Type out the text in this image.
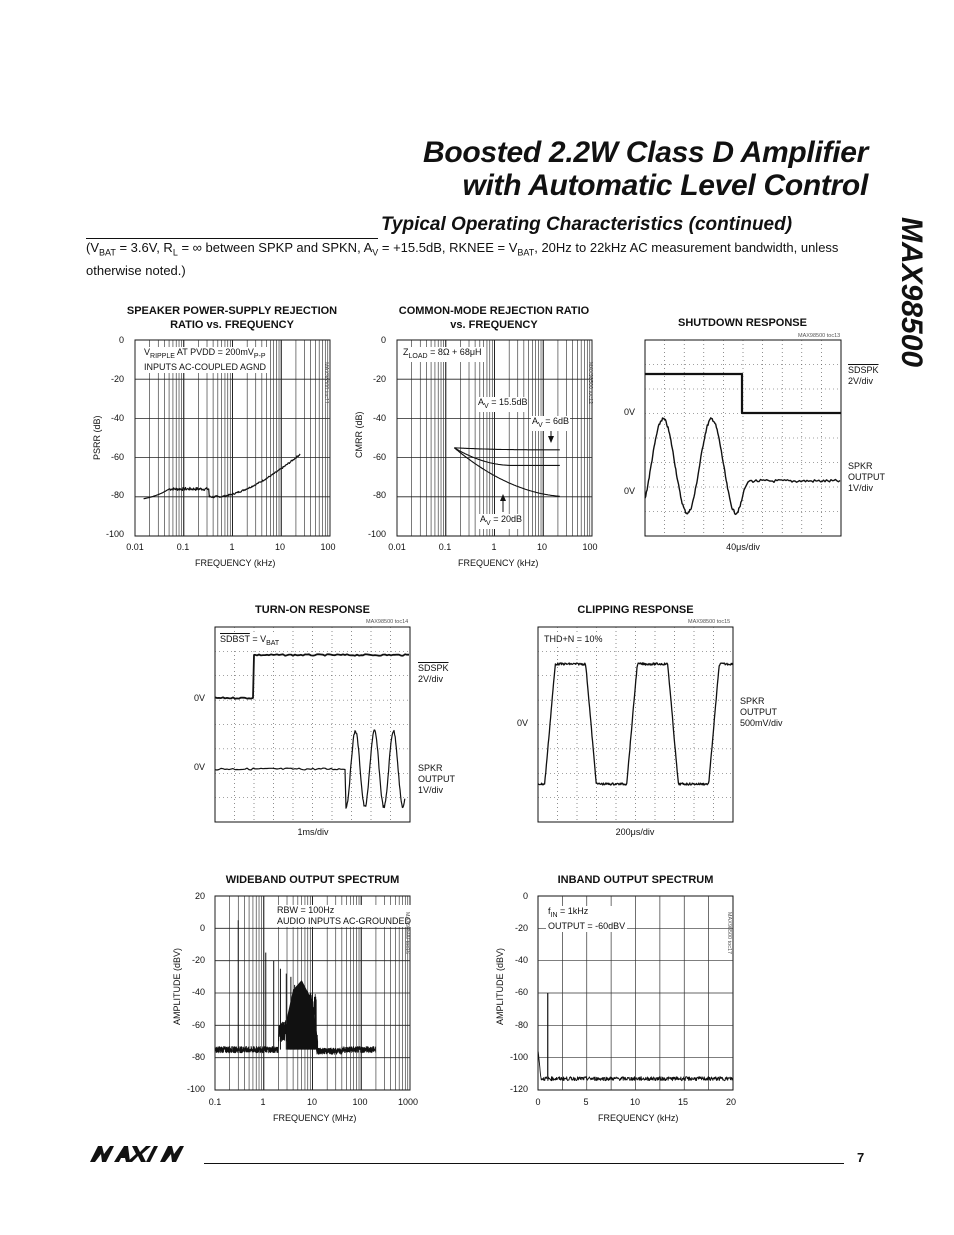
Boosted 2.2W Class D Amplifier
with Automatic Level Control
MAX98500
Typical Operating Characteristics (continued)
($V_{BAT} = 3.6V$, $R_L$ = ∞ between SPKP and SPKN, $A_V = +15.5dB$, RKNEE = $V_{BAT}$, 20Hz to 22kHz AC measurement bandwidth, unless
otherwise noted.)
SPEAKER POWER-SUPPLY REJECTION
RATIO vs. FREQUENCY
0
-20
-40
-60
-80
-100
0.01	0.1	1	10	100
FREQUENCY (kHz)
PSRR (dB)
$V_{RIPPLE}$ AT PVDD = $200mV_{P-P}$
INPUTS AC-COUPLED AGND	MAX98500 toc11
COMMON-MODE REJECTION RATIO
vs. FREQUENCY
0
-20
-40
-60
-80
-100
0.01	0.1	1	10	100
FREQUENCY (kHz)
CMRR (dB)
$Z_{LOAD} = 8\Omega + 68\mu H$
$A_V = 15.5dB$
$A_V = 6dB$
$A_V = 20dB$
MAX98500 toc12
SHUTDOWN RESPONSE
MAX98500 toc13
0V
0V
SDSPK
2V/div
SPKR
OUTPUT
1V/div
40μs/div
TURN-ON RESPONSE
MAX98500 toc14
SDBST = $V_{BAT}$
0V
0V
SDSPK
2V/div
SPKR
OUTPUT
1V/div
1ms/div
CLIPPING RESPONSE
MAX98500 toc15
THD+N = 10%
0V
SPKR
OUTPUT
500mV/div
200μs/div
WIDEBAND OUTPUT SPECTRUM
20
0
-20
-40
-60
-80
-100
0.1	1	10	100	1000
FREQUENCY (MHz)
AMPLITUDE (dBV)
RBW = 100Hz
AUDIO INPUTS AC-GROUNDED
MAX98500 toc16
INBAND OUTPUT SPECTRUM
0
-20
-40
-60
-80
-100
-120
0	5	10	15	20
FREQUENCY (kHz)
AMPLITUDE (dBV)
$f_{IN} = 1kHz$
OUTPUT = -60dBV	MAX98500 toc17
7
